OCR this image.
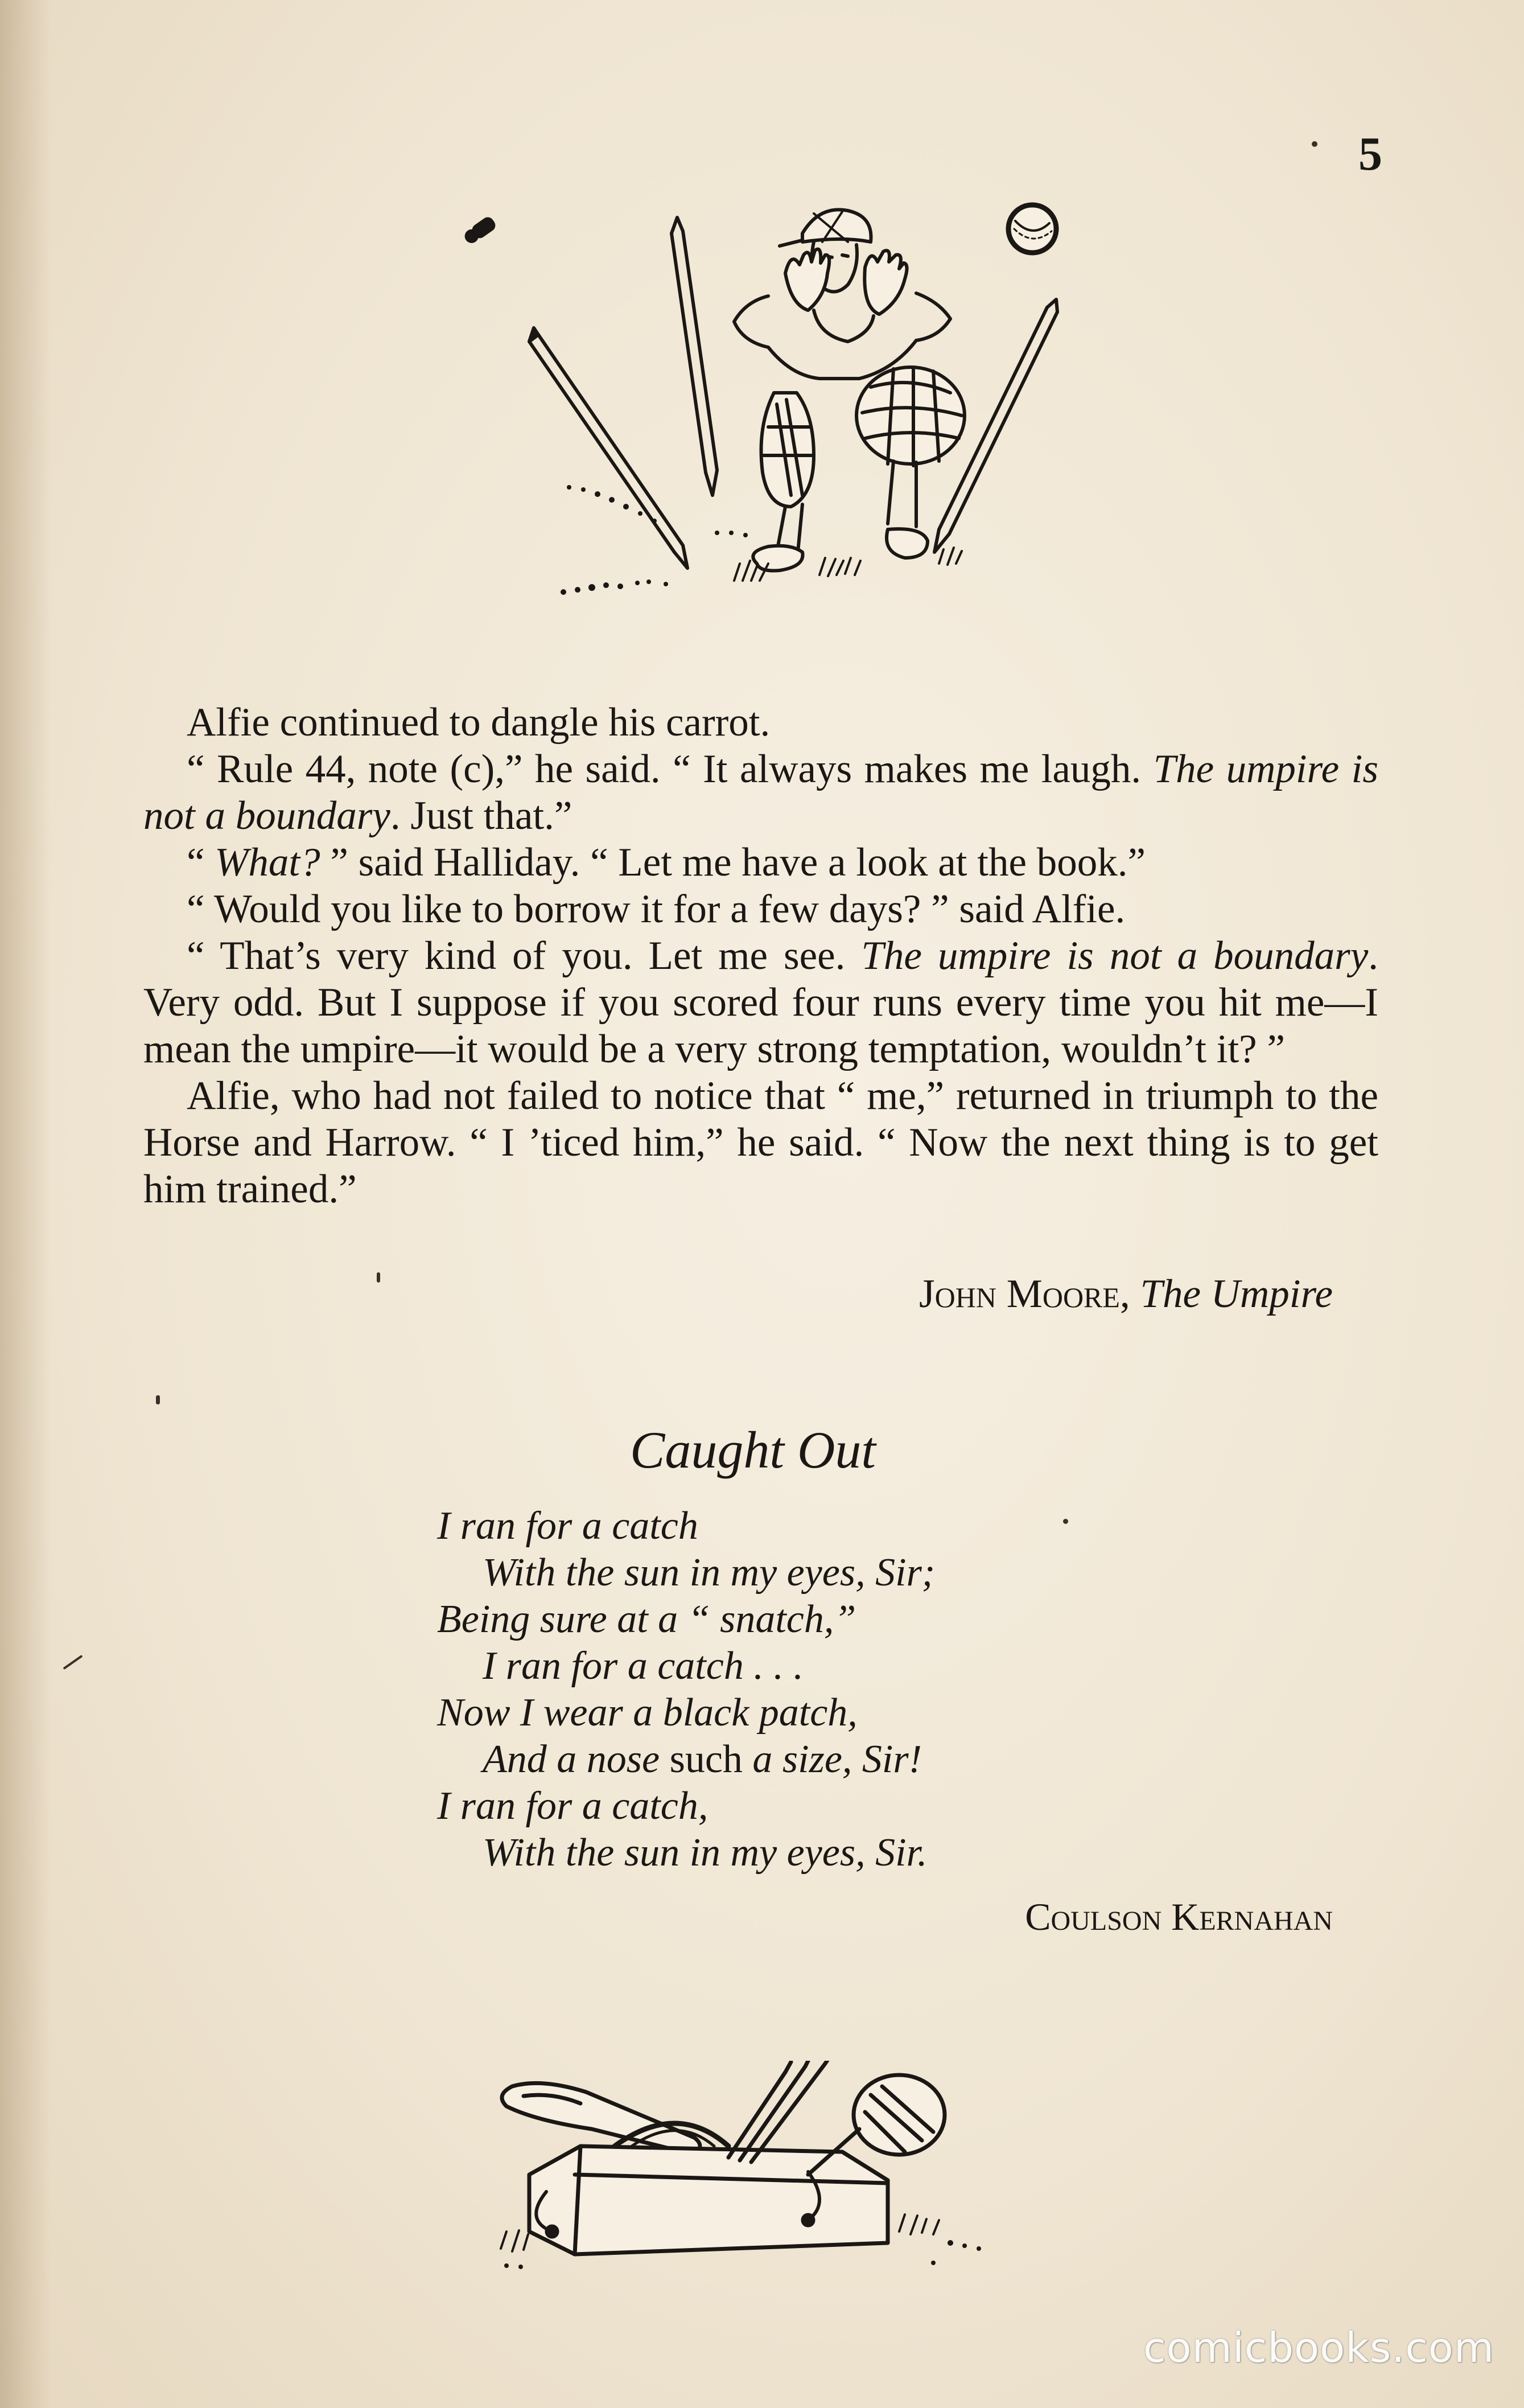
5

Alfie continued to dangle his carrot.

“ Rule 44, note (c),” he said. “ It always makes me laugh. The umpire is not a boundary. Just that.”

“ What? ” said Halliday. “ Let me have a look at the book.”

“ Would you like to borrow it for a few days? ” said Alfie.

“ That’s very kind of you. Let me see. The umpire is not a boundary. Very odd. But I suppose if you scored four runs every time you hit me—I mean the umpire—it would be a very strong temptation, wouldn’t it? ”

Alfie, who had not failed to notice that “ me,” returned in triumph to the Horse and Harrow. “ I ’ticed him,” he said. “ Now the next thing is to get him trained.”

John Moore, The Umpire
Caught Out
I ran for a catch
With the sun in my eyes, Sir;
Being sure at a “ snatch,”
I ran for a catch . . .
Now I wear a black patch,
And a nose such a size, Sir!
I ran for a catch,
With the sun in my eyes, Sir.
Coulson Kernahan
comicbooks.com
